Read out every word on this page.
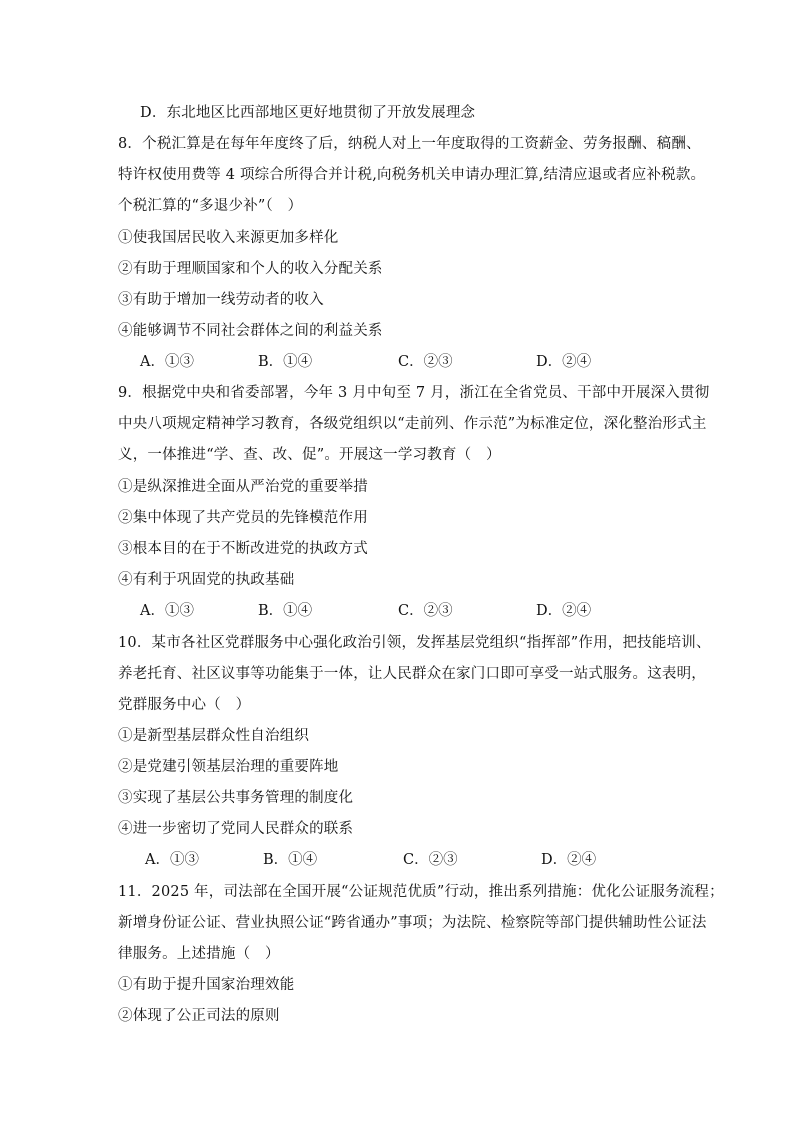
D．东北地区比西部地区更好地贯彻了开放发展理念
8．个税汇算是在每年年度终了后，纳税人对上一年度取得的工资薪金、劳务报酬、稿酬、
特许权使用费等 4 项综合所得合并计税,向税务机关申请办理汇算,结清应退或者应补税款。
个税汇算的“多退少补”（　）
①使我国居民收入来源更加多样化
②有助于理顺国家和个人的收入分配关系
③有助于增加一线劳动者的收入
④能够调节不同社会群体之间的利益关系
A．①③	B．①④	C．②③	D．②④
9．根据党中央和省委部署，今年 3 月中旬至 7 月，浙江在全省党员、干部中开展深入贯彻
中央八项规定精神学习教育，各级党组织以“走前列、作示范”为标准定位，深化整治形式主
义，一体推进“学、查、改、促”。开展这一学习教育（　）
①是纵深推进全面从严治党的重要举措
②集中体现了共产党员的先锋模范作用
③根本目的在于不断改进党的执政方式
④有利于巩固党的执政基础
A．①③	B．①④	C．②③	D．②④
10．某市各社区党群服务中心强化政治引领，发挥基层党组织“指挥部”作用，把技能培训、
养老托育、社区议事等功能集于一体，让人民群众在家门口即可享受一站式服务。这表明，
党群服务中心（　）
①是新型基层群众性自治组织
②是党建引领基层治理的重要阵地
③实现了基层公共事务管理的制度化
④进一步密切了党同人民群众的联系
A．①③	B．①④	C．②③	D．②④
11．2025 年，司法部在全国开展“公证规范优质”行动，推出系列措施：优化公证服务流程；
新增身份证公证、营业执照公证“跨省通办”事项；为法院、检察院等部门提供辅助性公证法
律服务。上述措施（　）
①有助于提升国家治理效能
②体现了公正司法的原则
